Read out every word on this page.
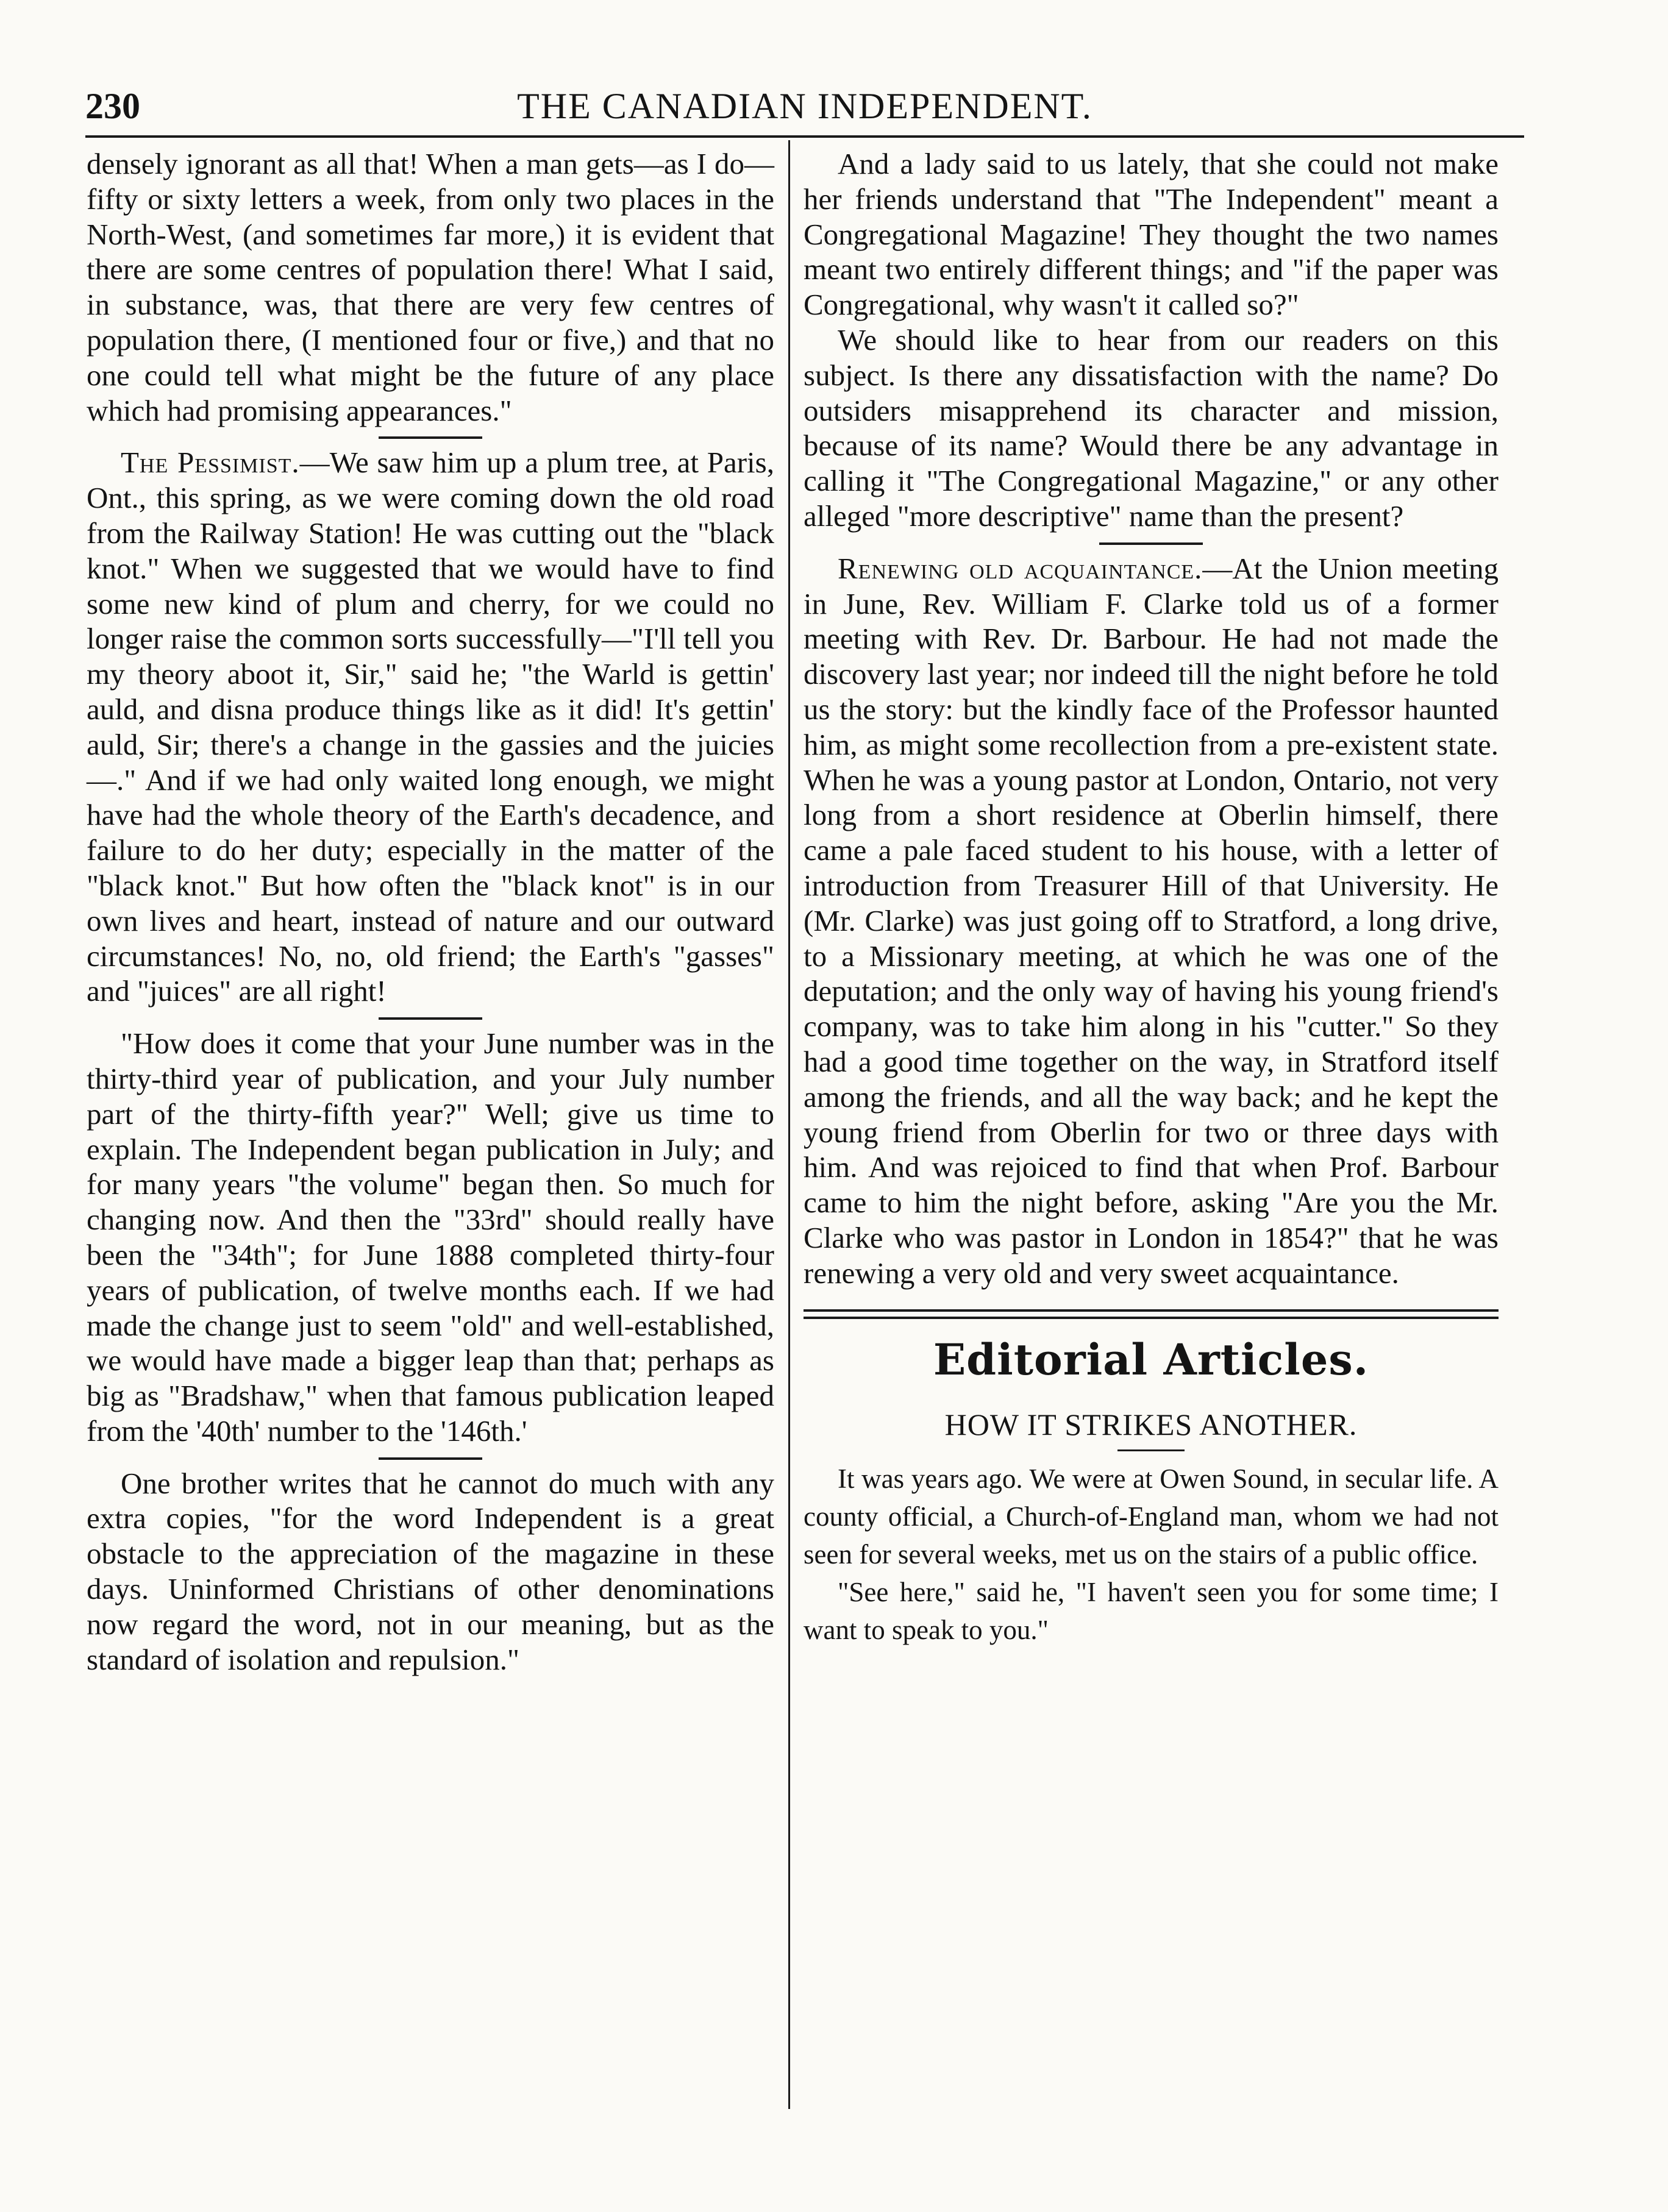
230	THE CANADIAN INDEPENDENT.

densely ignorant as all that! When a man gets—as I do—fifty or sixty letters a week, from only two places in the North-West, (and sometimes far more,) it is evident that there are some centres of population there! What I said, in substance, was, that there are very few centres of population there, (I mentioned four or five,) and that no one could tell what might be the future of any place which had promising appearances."

The Pessimist.—We saw him up a plum tree, at Paris, Ont., this spring, as we were coming down the old road from the Railway Station! He was cutting out the "black knot." When we suggested that we would have to find some new kind of plum and cherry, for we could no longer raise the common sorts successfully—"I'll tell you my theory aboot it, Sir," said he; "the Warld is gettin' auld, and disna produce things like as it did! It's gettin' auld, Sir; there's a change in the gassies and the juicies—." And if we had only waited long enough, we might have had the whole theory of the Earth's decadence, and failure to do her duty; especially in the matter of the "black knot." But how often the "black knot" is in our own lives and heart, instead of nature and our outward circumstances! No, no, old friend; the Earth's "gasses" and "juices" are all right!

"How does it come that your June number was in the thirty-third year of publication, and your July number part of the thirty-fifth year?" Well; give us time to explain. The Independent began publication in July; and for many years "the volume" began then. So much for changing now. And then the "33rd" should really have been the "34th"; for June 1888 completed thirty-four years of publication, of twelve months each. If we had made the change just to seem "old" and well-established, we would have made a bigger leap than that; perhaps as big as "Bradshaw," when that famous publication leaped from the '40th' number to the '146th.'

One brother writes that he cannot do much with any extra copies, "for the word Independent is a great obstacle to the appreciation of the magazine in these days. Uninformed Christians of other denominations now regard the word, not in our meaning, but as the standard of isolation and repulsion."

And a lady said to us lately, that she could not make her friends understand that "The Independent" meant a Congregational Magazine! They thought the two names meant two entirely different things; and "if the paper was Congregational, why wasn't it called so?"

We should like to hear from our readers on this subject. Is there any dissatisfaction with the name? Do outsiders misapprehend its character and mission, because of its name? Would there be any advantage in calling it "The Congregational Magazine," or any other alleged "more descriptive" name than the present?

Renewing old acquaintance.—At the Union meeting in June, Rev. William F. Clarke told us of a former meeting with Rev. Dr. Barbour. He had not made the discovery last year; nor indeed till the night before he told us the story: but the kindly face of the Professor haunted him, as might some recollection from a pre-existent state. When he was a young pastor at London, Ontario, not very long from a short residence at Oberlin himself, there came a pale faced student to his house, with a letter of introduction from Treasurer Hill of that University. He (Mr. Clarke) was just going off to Stratford, a long drive, to a Missionary meeting, at which he was one of the deputation; and the only way of having his young friend's company, was to take him along in his "cutter." So they had a good time together on the way, in Stratford itself among the friends, and all the way back; and he kept the young friend from Oberlin for two or three days with him. And was rejoiced to find that when Prof. Barbour came to him the night before, asking "Are you the Mr. Clarke who was pastor in London in 1854?" that he was renewing a very old and very sweet acquaintance.

Editorial Articles.

HOW IT STRIKES ANOTHER.

It was years ago. We were at Owen Sound, in secular life. A county official, a Church-of-England man, whom we had not seen for several weeks, met us on the stairs of a public office.

"See here," said he, "I haven't seen you for some time; I want to speak to you."
